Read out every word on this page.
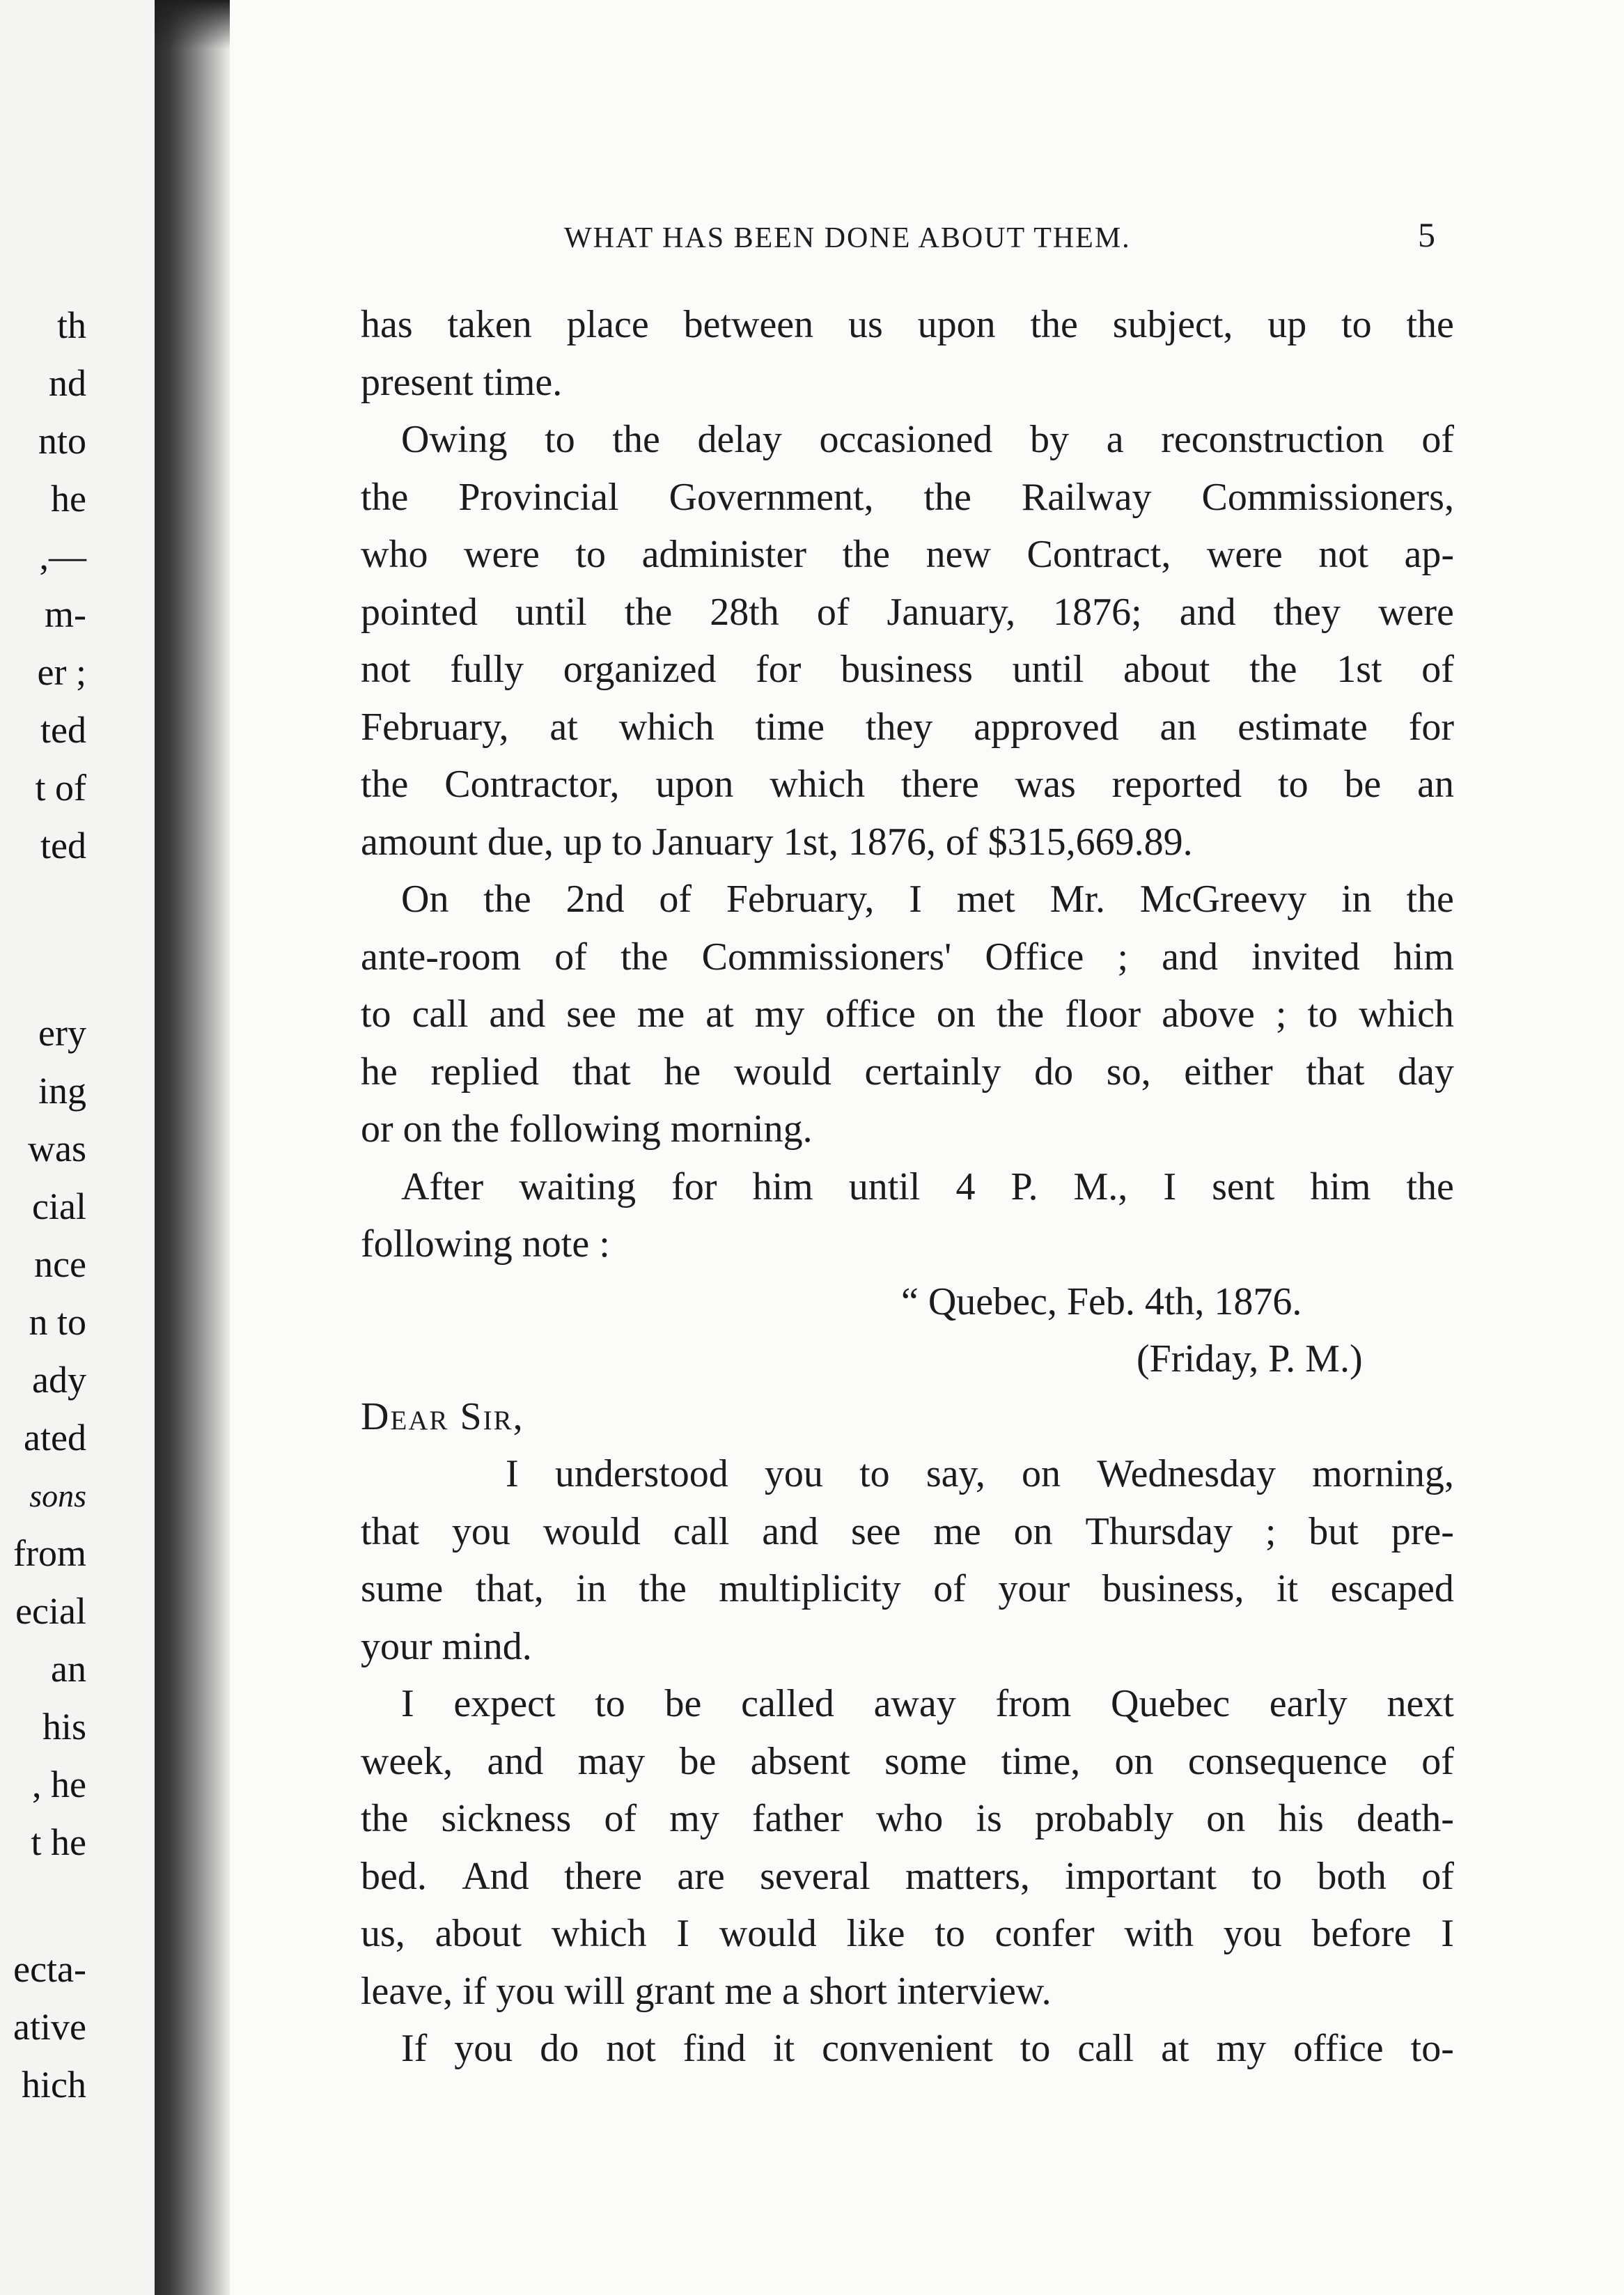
th
nd
nto
he
,—
m-
er ;
ted
t of
ted
ery
ing
was
cial
nce
n to
ady
ated
sons
from
ecial
an
his
, he
t he
ecta-
ative
hich
WHAT HAS BEEN DONE ABOUT THEM.	5
has taken place between us upon the subject, up to the
present time.
Owing to the delay occasioned by a reconstruction of
the Provincial Government, the Railway Commissioners,
who were to administer the new Contract, were not ap-
pointed until the 28th of January, 1876; and they were
not fully organized for business until about the 1st of
February, at which time they approved an estimate for
the Contractor, upon which there was reported to be an
amount due, up to January 1st, 1876, of $315,669.89.
On the 2nd of February, I met Mr. McGreevy in the
ante-room of the Commissioners' Office ; and invited him
to call and see me at my office on the floor above ; to which
he replied that he would certainly do so, either that day
or on the following morning.
After waiting for him until 4 P. M., I sent him the
following note :
“ Quebec, Feb. 4th, 1876.
(Friday, P. M.)
Dear Sir,
I understood you to say, on Wednesday morning,
that you would call and see me on Thursday ; but pre-
sume that, in the multiplicity of your business, it escaped
your mind.
I expect to be called away from Quebec early next
week, and may be absent some time, on consequence of
the sickness of my father who is probably on his death-
bed. And there are several matters, important to both of
us, about which I would like to confer with you before I
leave, if you will grant me a short interview.
If you do not find it convenient to call at my office to-
